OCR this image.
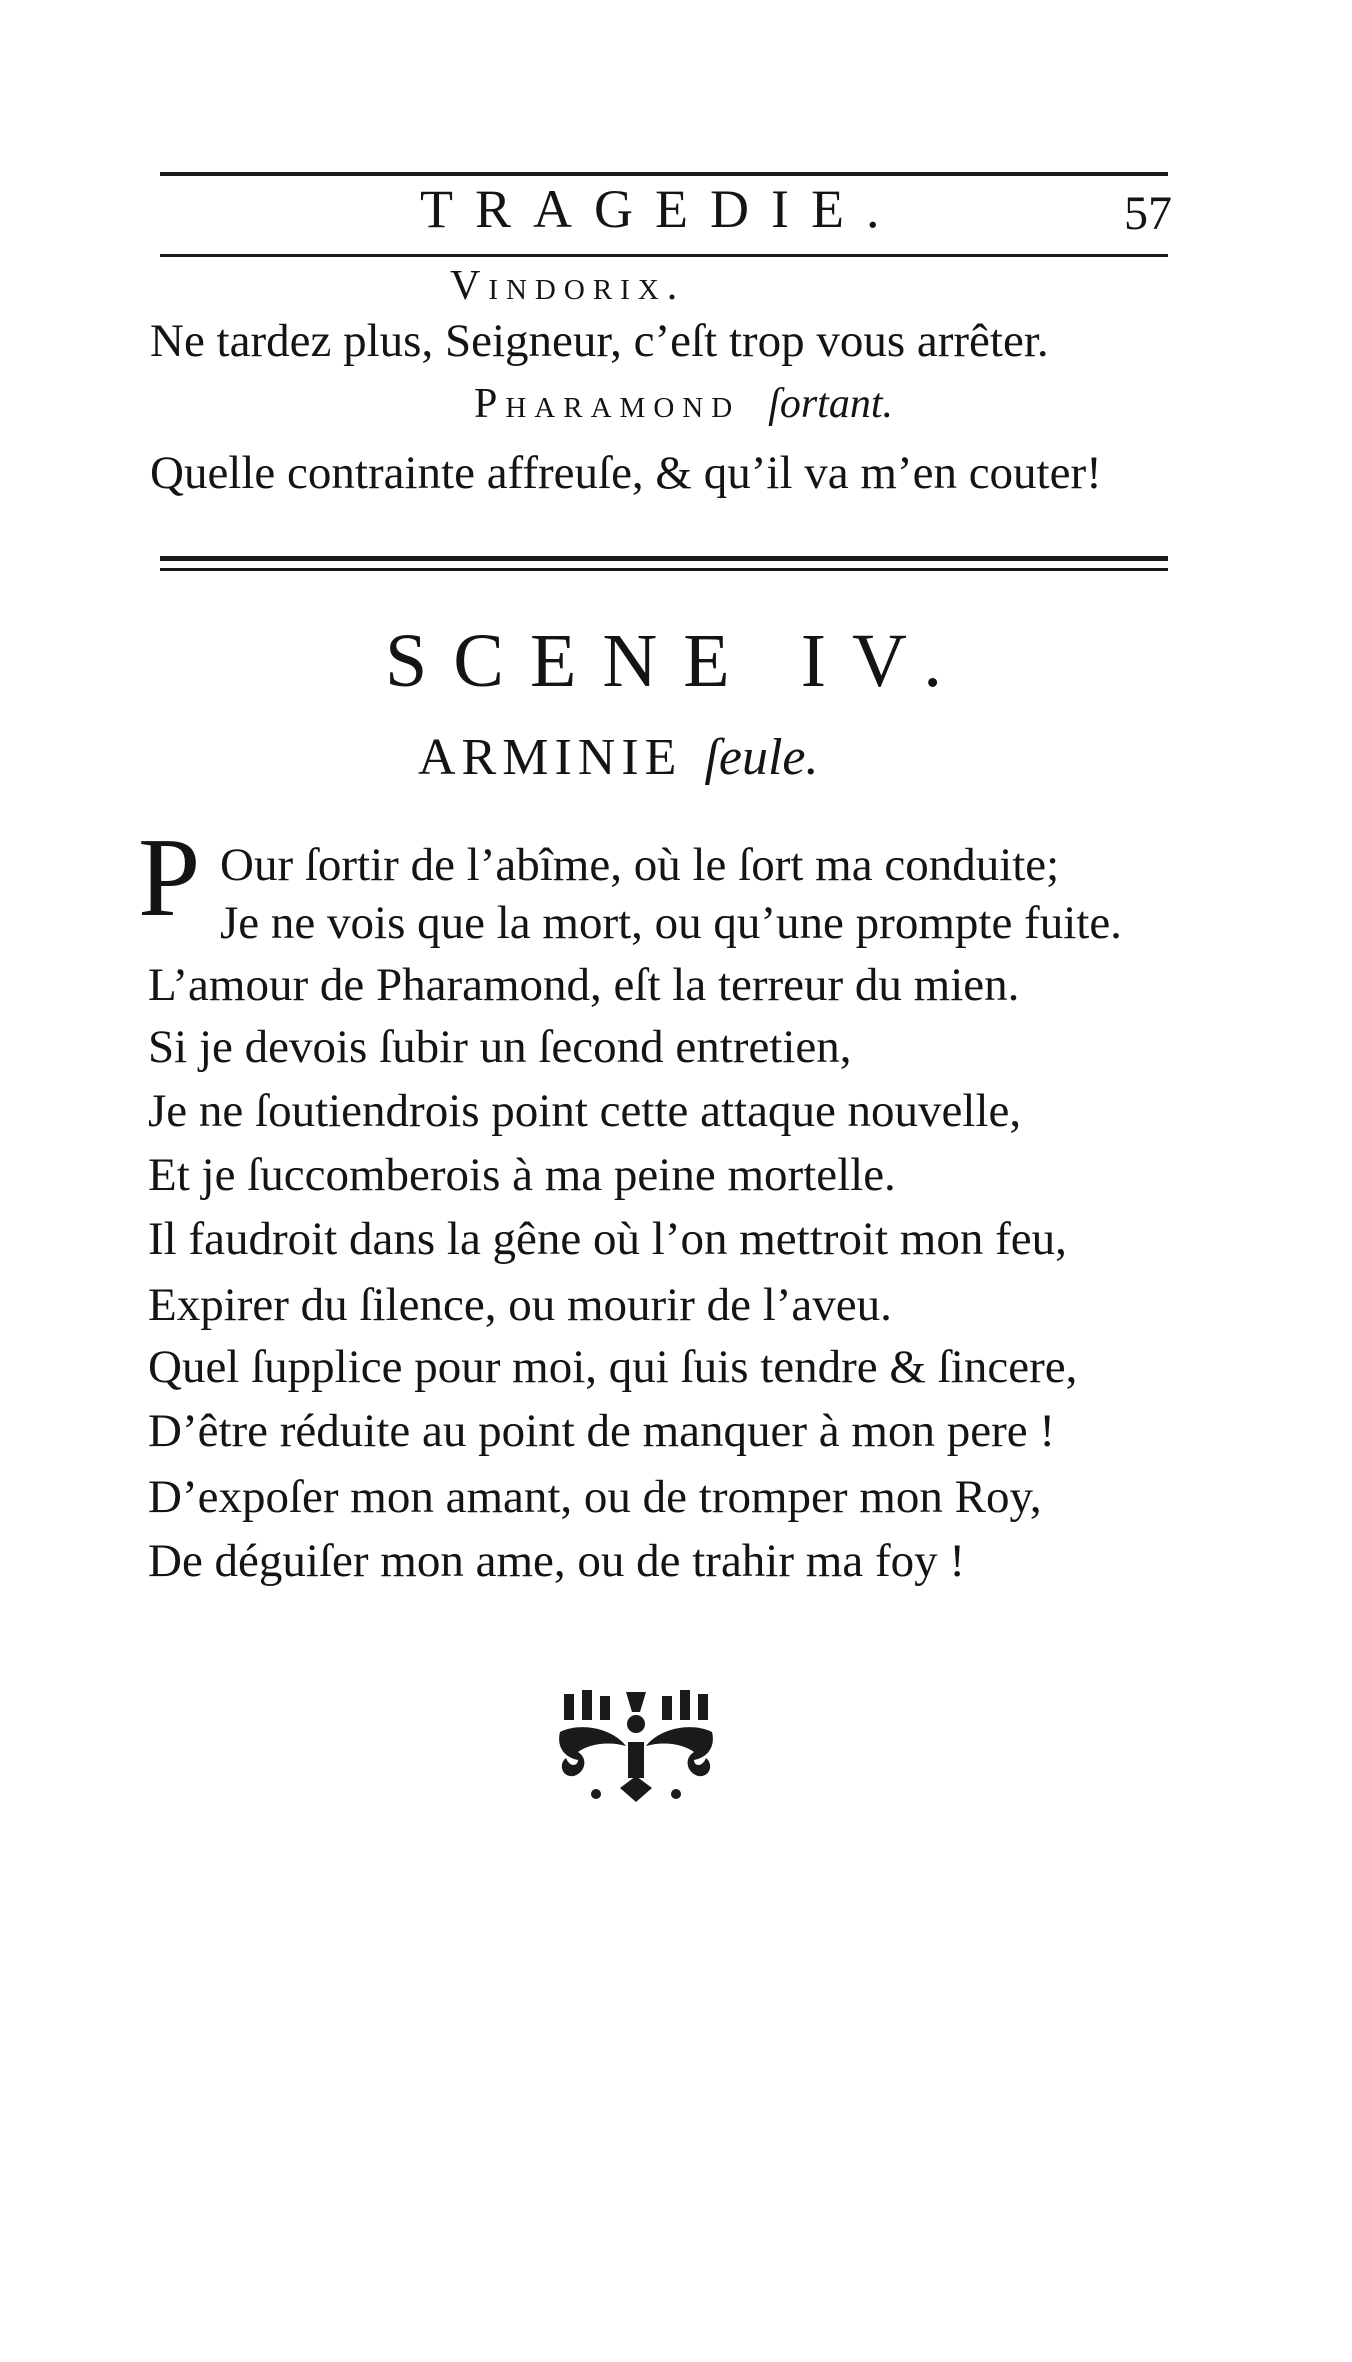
TRAGEDIE.	57
Vindorix.
Ne tardez plus, Seigneur, c’eſt trop vous arrêter.
Pharamond ſortant.
Quelle contrainte affreuſe, & qu’il va m’en couter!
SCENE IV.
ARMINIE ſeule.
P Our ſortir de l’abîme, où le ſort ma conduite;
Je ne vois que la mort, ou qu’une prompte fuite.
L’amour de Pharamond, eſt la terreur du mien.
Si je devois ſubir un ſecond entretien,
Je ne ſoutiendrois point cette attaque nouvelle,
Et je ſuccomberois à ma peine mortelle.
Il faudroit dans la gêne où l’on mettroit mon feu,
Expirer du ſilence, ou mourir de l’aveu.
Quel ſupplice pour moi, qui ſuis tendre & ſincere,
D’être réduite au point de manquer à mon pere !
D’expoſer mon amant, ou de tromper mon Roy,
De déguiſer mon ame, ou de trahir ma foy !
